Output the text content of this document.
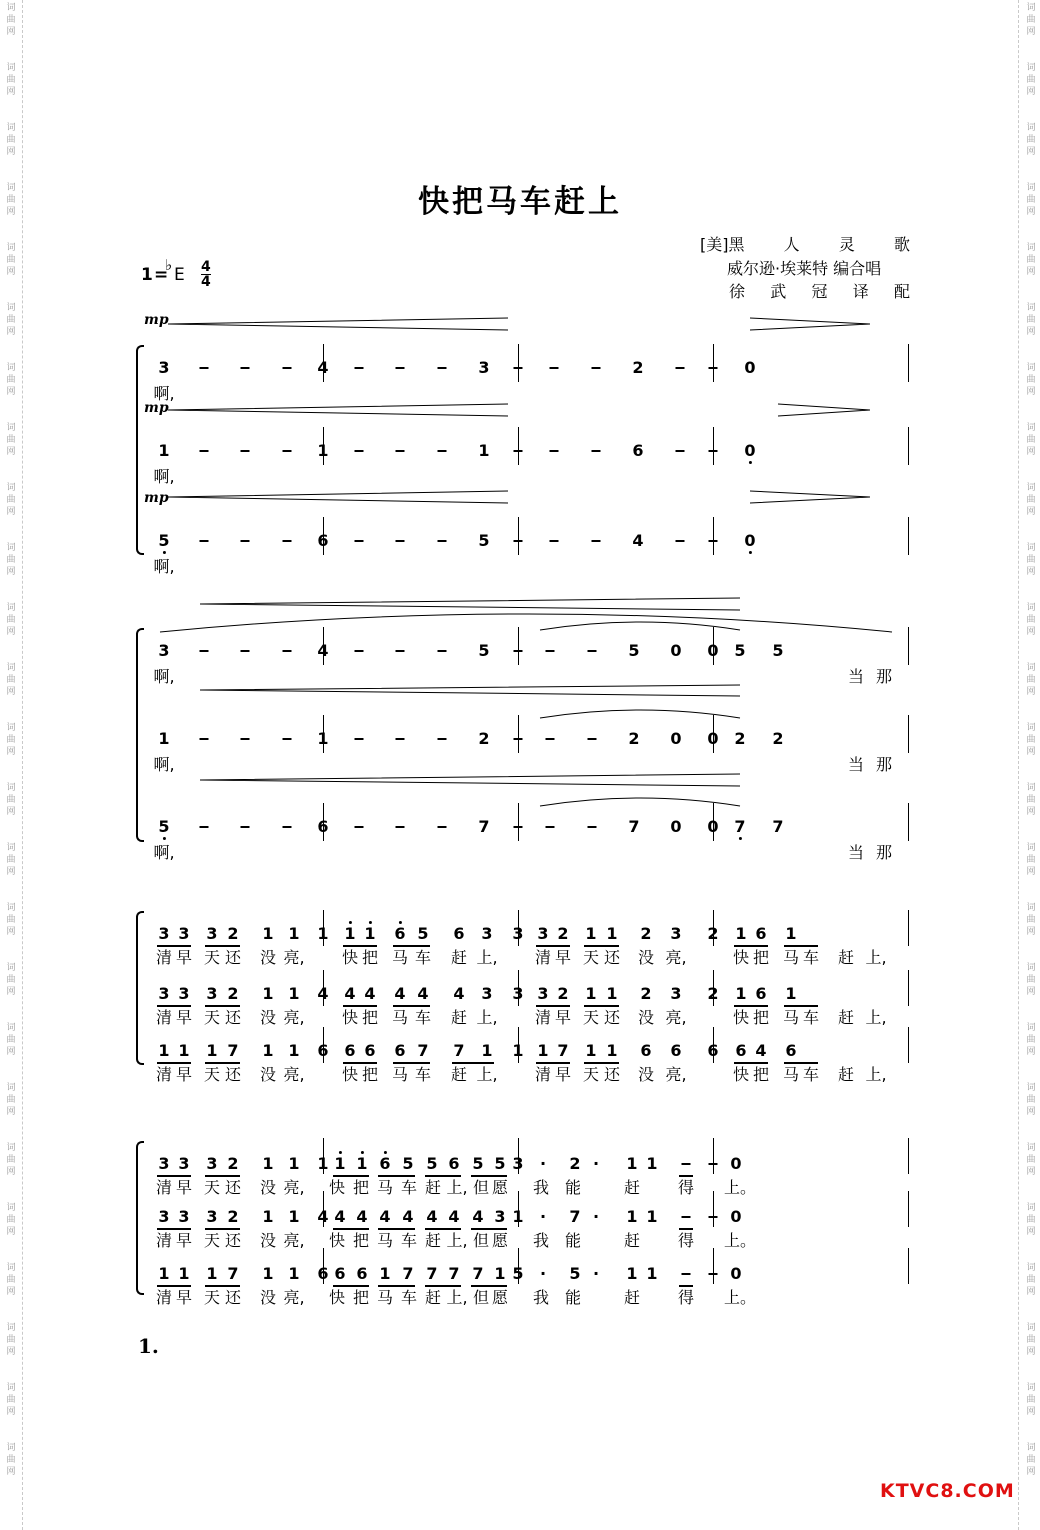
词
曲
网
词
曲
网
词
曲
网
词
曲
网
词
曲
网
词
曲
网
词
曲
网
词
曲
网
词
曲
网
词
曲
网
词
曲
网
词
曲
网
词
曲
网
词
曲
网
词
曲
网
词
曲
网
词
曲
网
词
曲
网
词
曲
网
词
曲
网
词
曲
网
词
曲
网
词
曲
网
词
曲
网
词
曲
网
词
曲
网
词
曲
网
词
曲
网
词
曲
网
词
曲
网
词
曲
网
词
曲
网
词
曲
网
词
曲
网
词
曲
网
词
曲
网
词
曲
网
词
曲
网
词
曲
网
词
曲
网
词
曲
网
词
曲
网
词
曲
网
词
曲
网
词
曲
网
词
曲
网
词
曲
网
词
曲
网
词
曲
网
词
曲
网
快把马车赶上
[美] 黑 人 灵 歌
威尔逊·埃莱特 编合唱
徐 武 冠 译 配
1 =
♭ E 4
4
mp
mp
mp
3	4	3	2	0
啊,
1	1	1	6	0
啊,
5	6	5	4	0
啊,
3	4	5	5 0 0 5 5
啊,	当 那
1	1	2	2 0 0 2 2
啊,	当 那
5	6	7	7 0 0 7 7
啊,	当 那
3 3 3 2 1 1 1 1 1 6 5 6 3 3 3 2 1 1 2 3 2 1 6 1
清 早 天 还 没 亮, 快 把 马 车 赶 上, 清 早 天 还 没 亮,	快 把 马 车 赶 上,
3 3 3 2 1 1 4 4 4 4 4 4 3 3 3 2 1 1 2 3 2 1 6 1
清 早 天 还 没 亮, 快 把 马 车 赶 上, 清 早 天 还 没 亮,	快 把 马 车 赶 上,
1 1 1 7 1 1 6 6 6 6 7 7 1 1 1 7 1 1 6 6 6 6 4 6
清 早 天 还 没 亮, 快 把 马 车 赶 上, 清 早 天 还 没 亮,	快 把 马 车 赶 上,
3 3 3 2 1 1 1 1 1 6 5 5 6 5 5 3 · 2 · 1 1	0
清 早 天 还 没 亮, 快 把 马 车 赶 上, 但 愿 我 能	赶 得 上。
3 3 3 2 1 1 4 4 4 4 4 4 4 4 3 1 · 7 · 1 1	0
清 早 天 还 没 亮, 快 把 马 车 赶 上, 但 愿 我 能	赶 得 上。
1 1 1 7 1 1 6 6 6 1 7 7 7 7 1 5 · 5 · 1 1	0
清 早 天 还 没 亮, 快 把 马 车 赶 上, 但 愿 我 能	赶 得 上。
1.
KTVC8.COM
